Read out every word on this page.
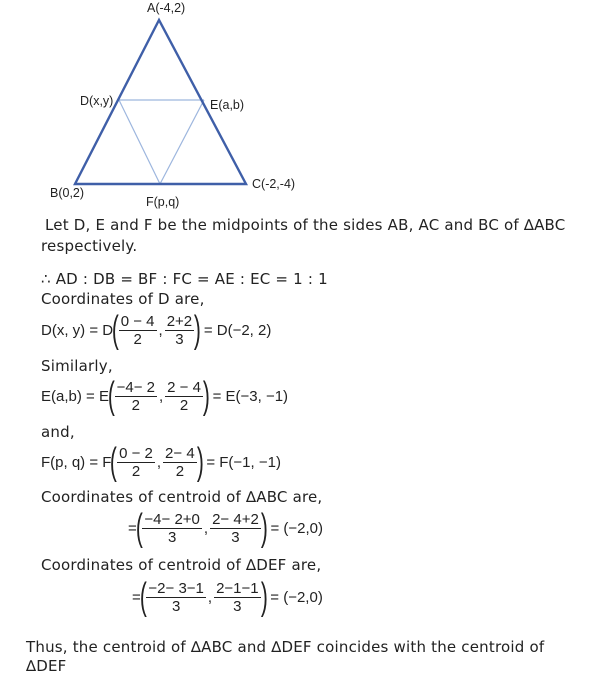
A(-4,2)
D(x,y)	E(a,b)
B(0,2)
F(p,q)
C(-2,-4)
Let D, E and F be the midpoints of the sides AB, AC and BC of ∆ABC
respectively.
∴ AD : DB = BF : FC = AE : EC = 1 : 1
Coordinates of D are,
D(x, y) = D
( $\frac{0 - 4}{2}$ , $\frac{2+2}{3}$ ) = D(−2, 2)
Similarly,
E(a,b) = E
( $\frac{-4- 2}{2}$ , $\frac{2 - 4}{2}$ ) = E(−3, −1)
and,
F(p, q) = F
( $\frac{0 - 2}{2}$ , $\frac{2- 4}{2}$ ) = F(−1, −1)
Coordinates of centroid of ∆ABC are,
=
( $\frac{-4- 2+0}{3}$ , $\frac{2- 4+2}{3}$ ) = (−2,0)
Coordinates of centroid of ∆DEF are,
=
( $\frac{-2- 3-1}{3}$ , $\frac{2-1-1}{3}$ ) = (−2,0)
Thus, the centroid of ∆ABC and ∆DEF coincides with the centroid of
∆DEF
